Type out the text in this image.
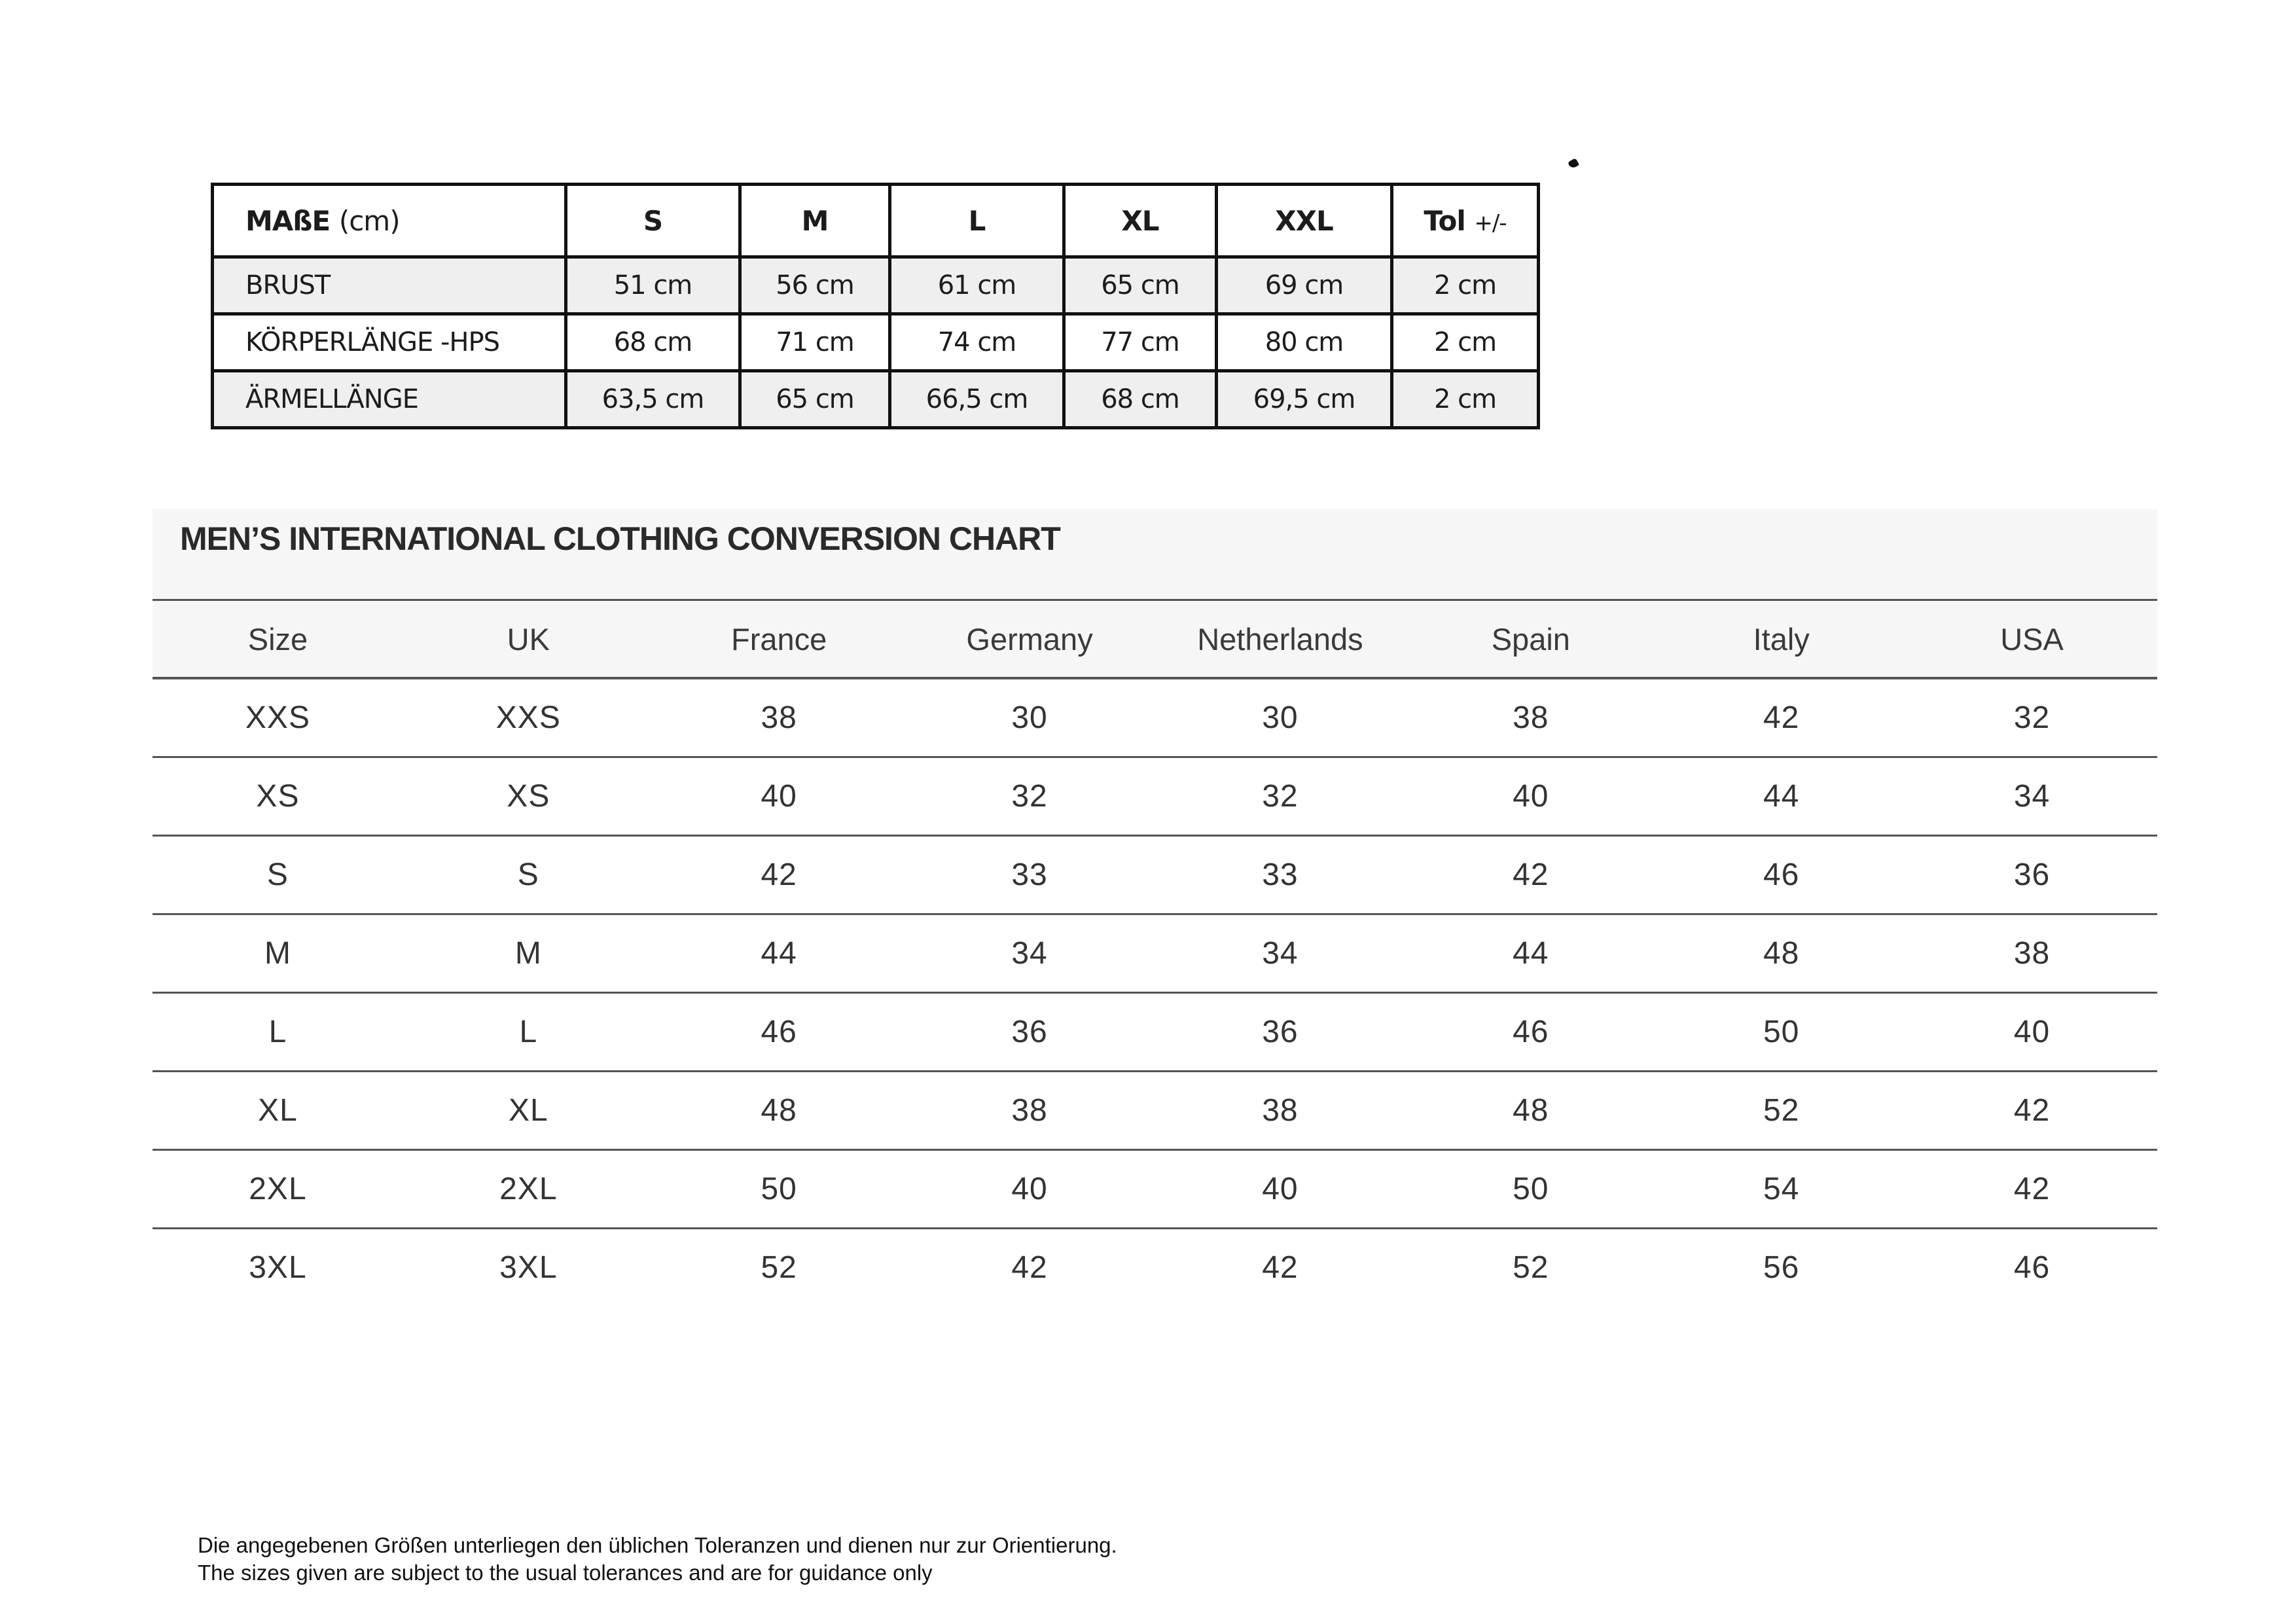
MAßE (cm)	S	M	L	XL	XXL	Tol +/-
BRUST	51 cm	56 cm	61 cm	65 cm	69 cm	2 cm
KÖRPERLÄNGE -HPS	68 cm	71 cm	74 cm	77 cm	80 cm	2 cm
ÄRMELLÄNGE	63,5 cm	65 cm	66,5 cm	68 cm	69,5 cm	2 cm
MEN’S INTERNATIONAL CLOTHING CONVERSION CHART
Size	UK	France	Germany	Netherlands	Spain	Italy	USA
XXS	XXS	38	30	30	38	42	32
XS	XS	40	32	32	40	44	34
S	S	42	33	33	42	46	36
M	M	44	34	34	44	48	38
L	L	46	36	36	46	50	40
XL	XL	48	38	38	48	52	42
2XL	2XL	50	40	40	50	54	42
3XL	3XL	52	42	42	52	56	46
Die angegebenen Größen unterliegen den üblichen Toleranzen und dienen nur zur Orientierung.
The sizes given are subject to the usual tolerances and are for guidance only
